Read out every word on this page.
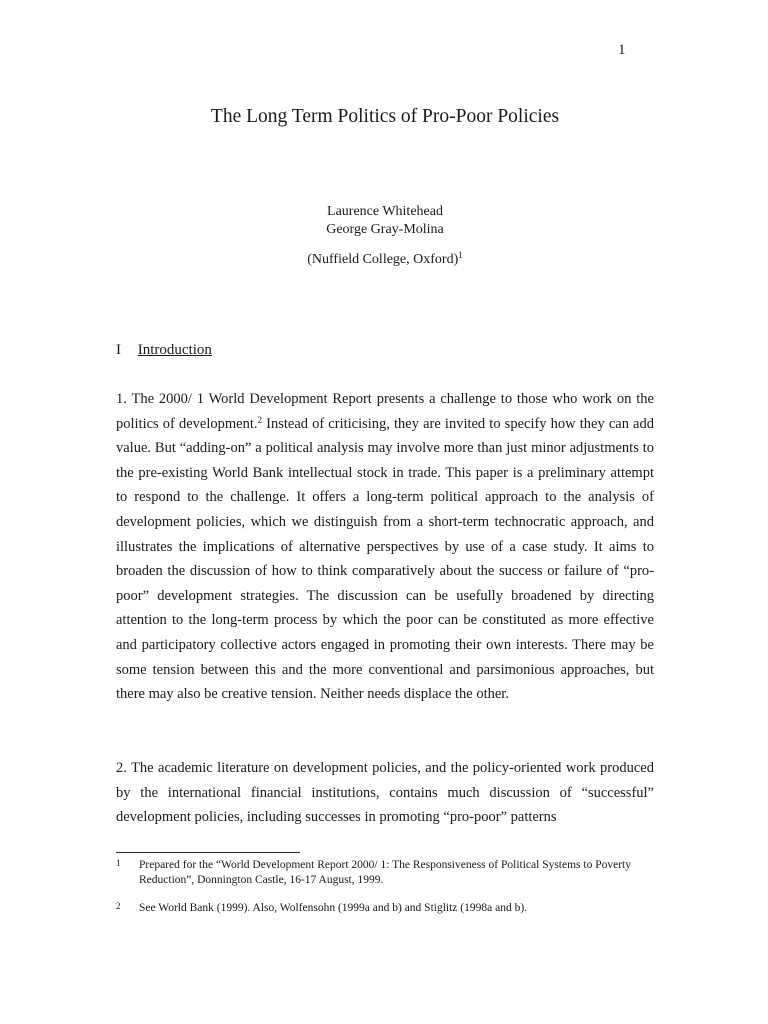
1
The Long Term Politics of Pro-Poor Policies
Laurence Whitehead
George Gray-Molina
(Nuffield College, Oxford)$^1$
I Introduction
1. The 2000/ 1 World Development Report presents a challenge to those who work on the politics of development.$^2$ Instead of criticising, they are invited to specify how they can add value. But “adding-on” a political analysis may involve more than just minor adjustments to the pre-existing World Bank intellectual stock in trade. This paper is a preliminary attempt to respond to the challenge. It offers a long-term political approach to the analysis of development policies, which we distinguish from a short-term technocratic approach, and illustrates the implications of alternative perspectives by use of a case study. It aims to broaden the discussion of how to think comparatively about the success or failure of “pro-poor” development strategies. The discussion can be usefully broadened by directing attention to the long-term process by which the poor can be constituted as more effective and participatory collective actors engaged in promoting their own interests. There may be some tension between this and the more conventional and parsimonious approaches, but there may also be creative tension. Neither needs displace the other.
2. The academic literature on development policies, and the policy-oriented work produced by the international financial institutions, contains much discussion of “successful” development policies, including successes in promoting “pro-poor” patterns
1 Prepared for the “World Development Report 2000/ 1: The Responsiveness of Political Systems to Poverty Reduction”, Donnington Castle, 16-17 August, 1999.
2 See World Bank (1999). Also, Wolfensohn (1999a and b) and Stiglitz (1998a and b).
